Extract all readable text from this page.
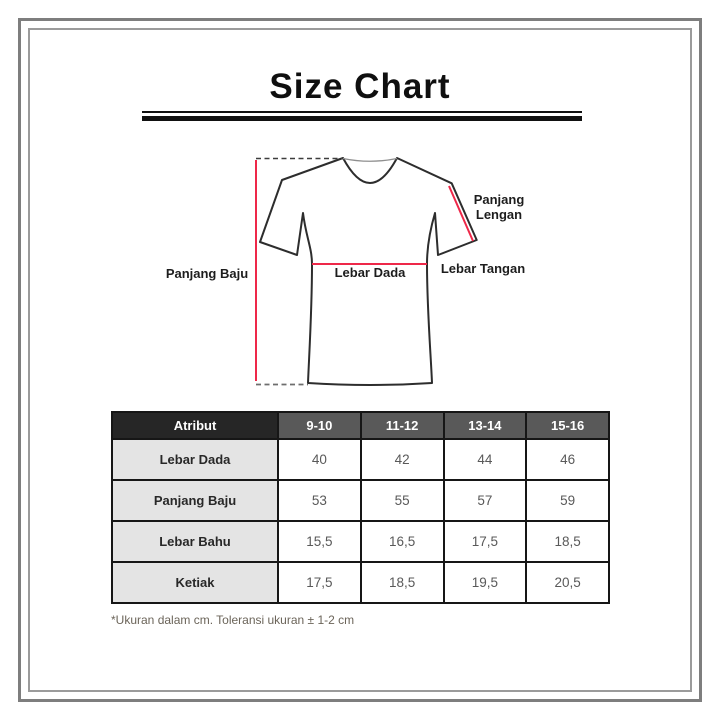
Size Chart
Panjang Baju	Lebar Dada
Panjang Lengan
Lebar Tangan
Atribut	9-10	11-12	13-14	15-16
Lebar Dada	40	42	44	46
Panjang Baju	53	55	57	59
Lebar Bahu	15,5	16,5	17,5	18,5
Ketiak	17,5	18,5	19,5	20,5
*Ukuran dalam cm. Toleransi ukuran ± 1-2 cm
